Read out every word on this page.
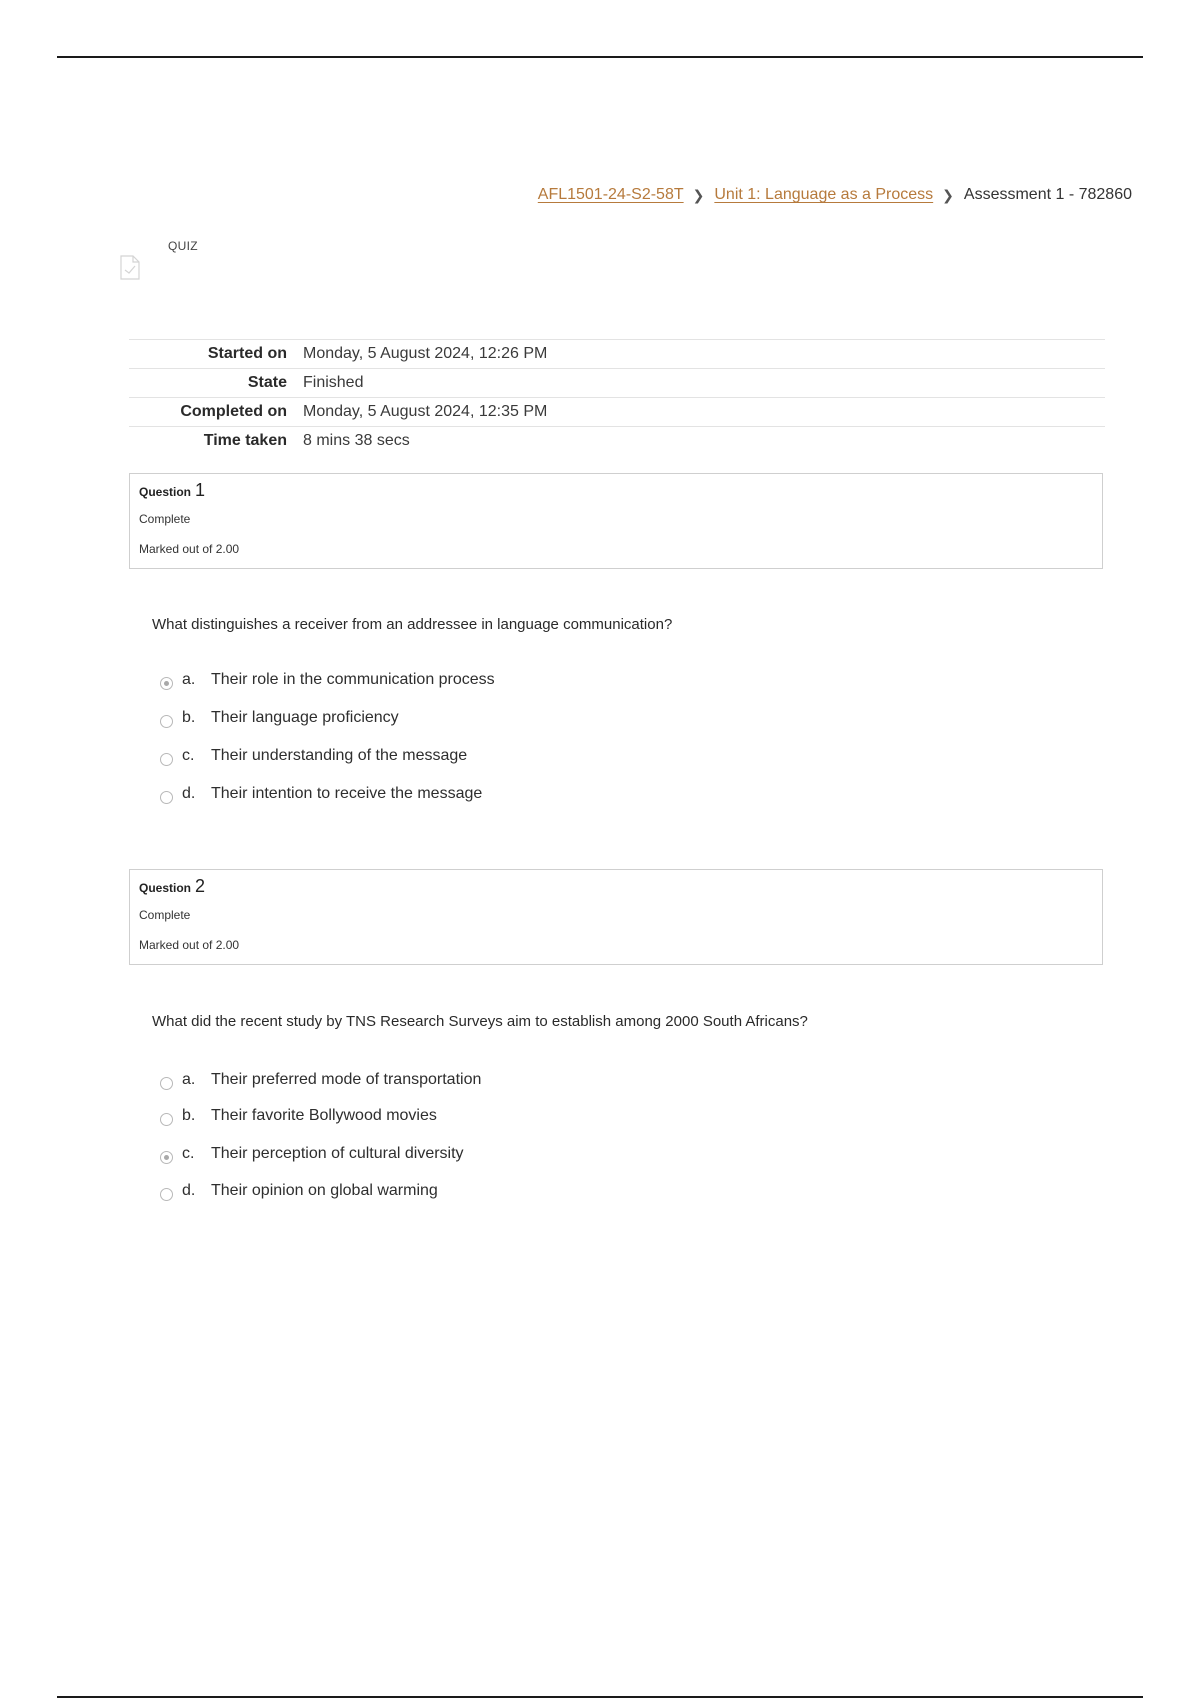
AFL1501-24-S2-58T ❯ Unit 1: Language as a Process ❯ Assessment 1 - 782860
QUIZ
Started on	Monday, 5 August 2024, 12:26 PM
State	Finished
Completed on	Monday, 5 August 2024, 12:35 PM
Time taken	8 mins 38 secs
Question 1
Complete
Marked out of 2.00
What distinguishes a receiver from an addressee in language communication?
a. Their role in the communication process
b. Their language proficiency
c.	Their understanding of the message
d. Their intention to receive the message
Question 2
Complete
Marked out of 2.00
What did the recent study by TNS Research Surveys aim to establish among 2000 South Africans?
a. Their preferred mode of transportation
b. Their favorite Bollywood movies
c.	Their perception of cultural diversity
d. Their opinion on global warming
